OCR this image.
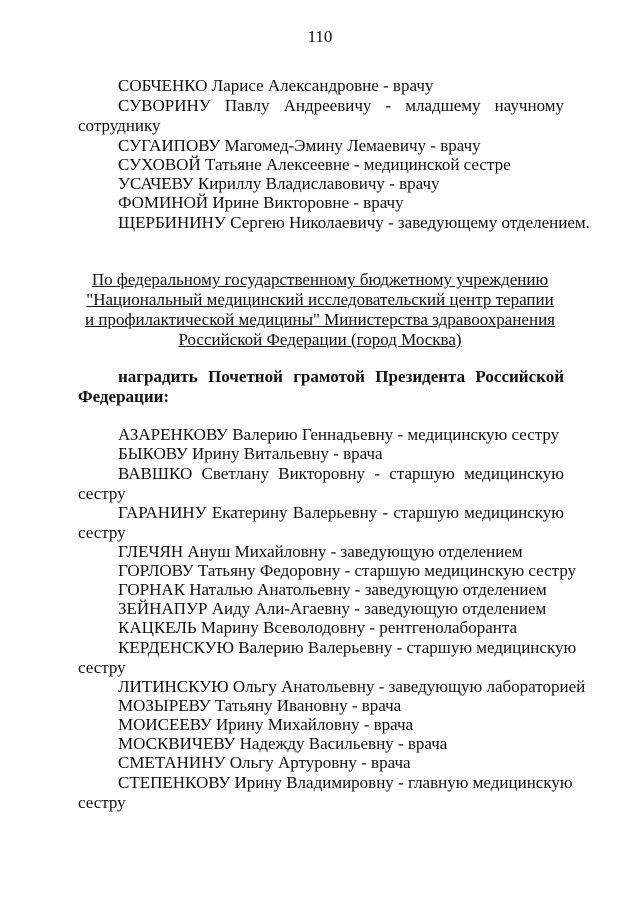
110
СОБЧЕНКО Ларисе Александровне - врачу
СУВОРИНУ Павлу Андреевичу - младшему научному
сотруднику
СУГАИПОВУ Магомед-Эмину Лемаевичу - врачу
СУХОВОЙ Татьяне Алексеевне - медицинской сестре
УСАЧЕВУ Кириллу Владиславовичу - врачу
ФОМИНОЙ Ирине Викторовне - врачу
ЩЕРБИНИНУ Сергею Николаевичу - заведующему отделением.
По федеральному государственному бюджетному учреждению
"Национальный медицинский исследовательский центр терапии
и профилактической медицины" Министерства здравоохранения
Российской Федерации (город Москва)
наградить Почетной грамотой Президента Российской
Федерации:
АЗАРЕНКОВУ Валерию Геннадьевну - медицинскую сестру
БЫКОВУ Ирину Витальевну - врача
ВАВШКО Светлану Викторовну - старшую медицинскую
сестру
ГАРАНИНУ Екатерину Валерьевну - старшую медицинскую
сестру
ГЛЕЧЯН Ануш Михайловну - заведующую отделением
ГОРЛОВУ Татьяну Федоровну - старшую медицинскую сестру
ГОРНАК Наталью Анатольевну - заведующую отделением
ЗЕЙНАПУР Аиду Али-Агаевну - заведующую отделением
КАЦКЕЛЬ Марину Всеволодовну - рентгенолаборанта
КЕРДЕНСКУЮ Валерию Валерьевну - старшую медицинскую
сестру
ЛИТИНСКУЮ Ольгу Анатольевну - заведующую лабораторией
МОЗЫРЕВУ Татьяну Ивановну - врача
МОИСЕЕВУ Ирину Михайловну - врача
МОСКВИЧЕВУ Надежду Васильевну - врача
СМЕТАНИНУ Ольгу Артуровну - врача
СТЕПЕНКОВУ Ирину Владимировну - главную медицинскую
сестру
